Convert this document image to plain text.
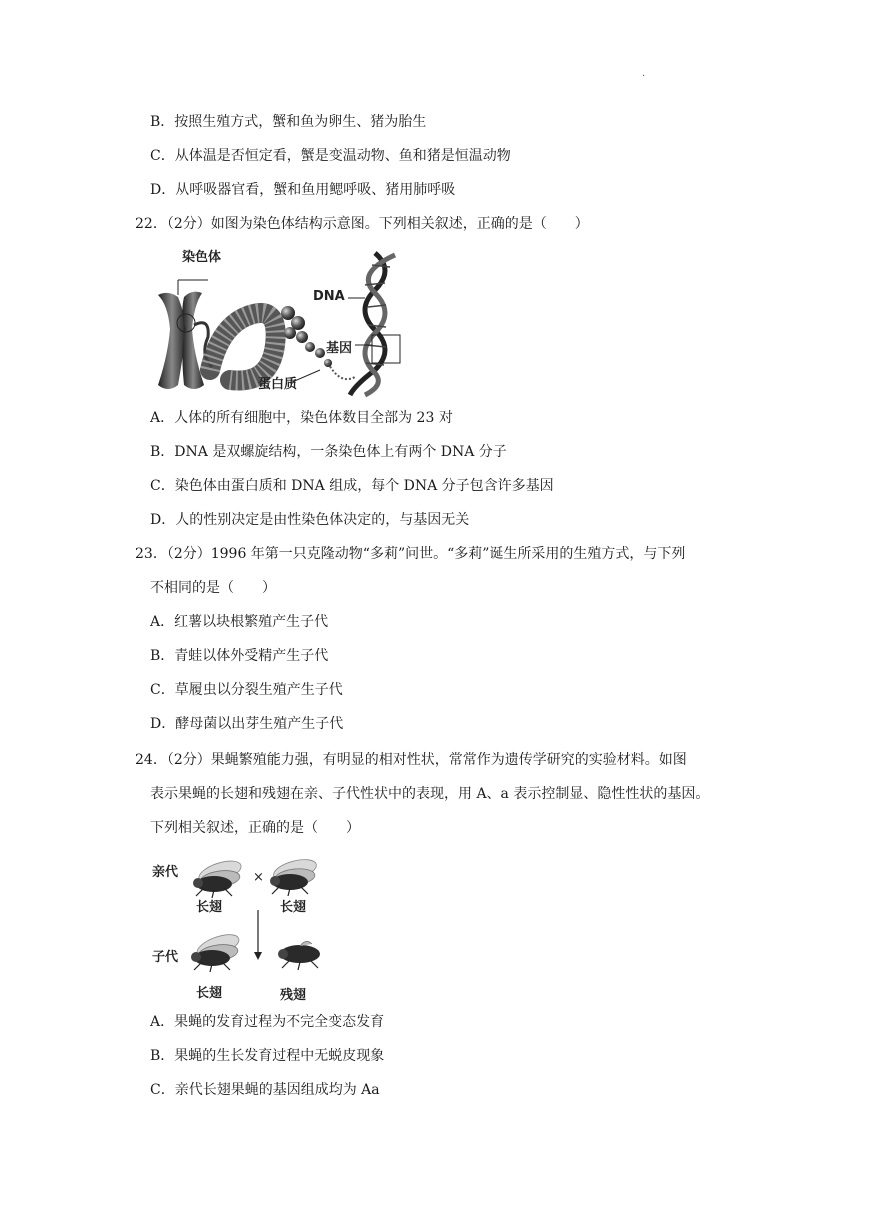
.
B．按照生殖方式，蟹和鱼为卵生、猪为胎生
C．从体温是否恒定看，蟹是变温动物、鱼和猪是恒温动物
D．从呼吸器官看，蟹和鱼用鳃呼吸、猪用肺呼吸
22．（2分）如图为染色体结构示意图。下列相关叙述，正确的是（　　）
染色体
DNA
基因
蛋白质
A．人体的所有细胞中，染色体数目全部为 23 对
B．DNA 是双螺旋结构，一条染色体上有两个 DNA 分子
C．染色体由蛋白质和 DNA 组成，每个 DNA 分子包含许多基因
D．人的性别决定是由性染色体决定的，与基因无关
23．（2分）1996 年第一只克隆动物“多莉”问世。“多莉”诞生所采用的生殖方式，与下列
不相同的是（　　）
A．红薯以块根繁殖产生子代
B．青蛙以体外受精产生子代
C．草履虫以分裂生殖产生子代
D．酵母菌以出芽生殖产生子代
24．（2分）果蝇繁殖能力强，有明显的相对性状，常常作为遗传学研究的实验材料。如图
表示果蝇的长翅和残翅在亲、子代性状中的表现，用 A、a 表示控制显、隐性性状的基因。
下列相关叙述，正确的是（　　）
亲代	×
长翅	长翅
子代
长翅	残翅
A．果蝇的发育过程为不完全变态发育
B．果蝇的生长发育过程中无蜕皮现象
C．亲代长翅果蝇的基因组成均为 Aa
